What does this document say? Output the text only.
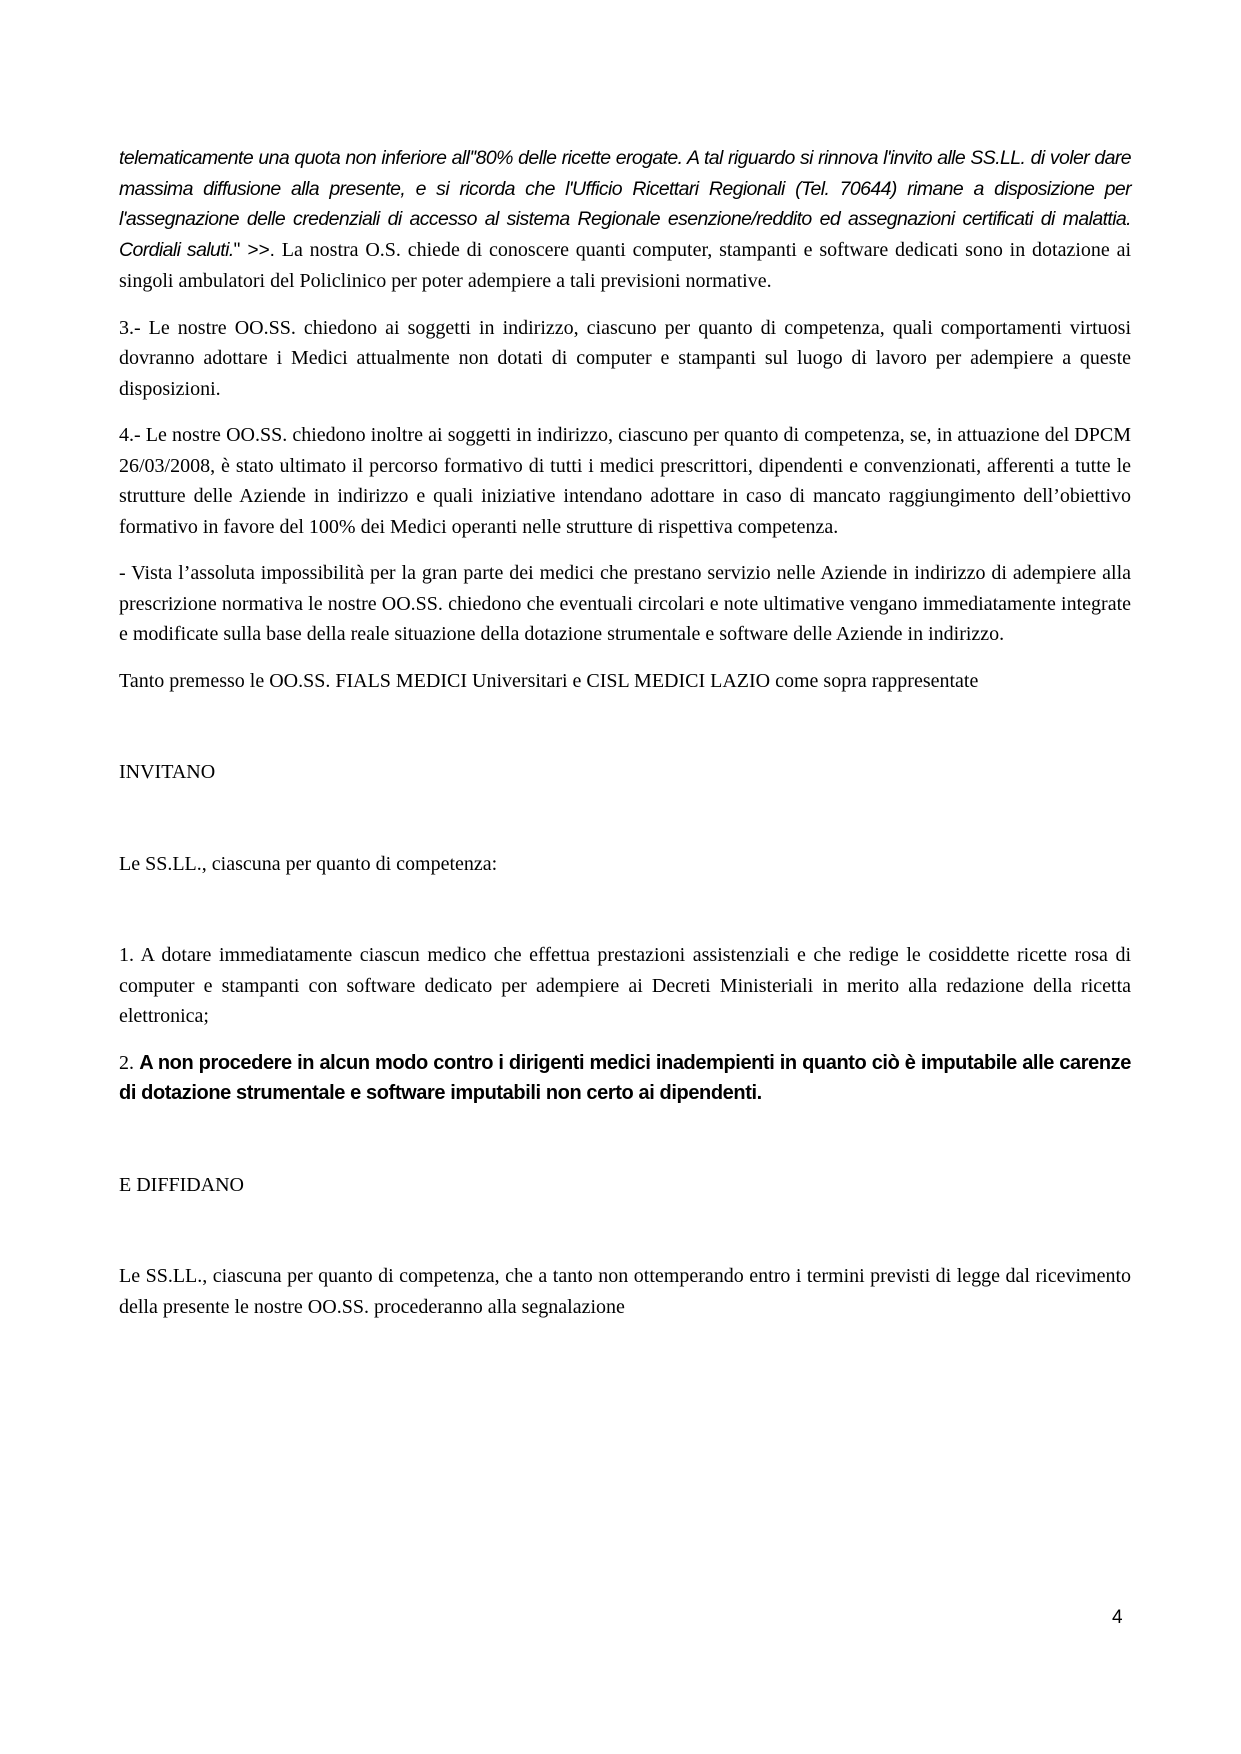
telematicamente una quota non inferiore all''80% delle ricette erogate. A tal riguardo si rinnova l'invito alle SS.LL. di voler dare massima diffusione alla presente, e si ricorda che l'Ufficio Ricettari Regionali (Tel. 70644) rimane a disposizione per l'assegnazione delle credenziali di accesso al sistema Regionale esenzione/reddito ed assegnazioni certificati di malattia. Cordiali saluti." >>. La nostra O.S. chiede di conoscere quanti computer, stampanti e software dedicati sono in dotazione ai singoli ambulatori del Policlinico per poter adempiere a tali previsioni normative.

3.- Le nostre OO.SS. chiedono ai soggetti in indirizzo, ciascuno per quanto di competenza, quali comportamenti virtuosi dovranno adottare i Medici attualmente non dotati di computer e stampanti sul luogo di lavoro per adempiere a queste disposizioni.

4.- Le nostre OO.SS. chiedono inoltre ai soggetti in indirizzo, ciascuno per quanto di competenza, se, in attuazione del DPCM 26/03/2008, è stato ultimato il percorso formativo di tutti i medici prescrittori, dipendenti e convenzionati, afferenti a tutte le strutture delle Aziende in indirizzo e quali iniziative intendano adottare in caso di mancato raggiungimento dell’obiettivo formativo in favore del 100% dei Medici operanti nelle strutture di rispettiva competenza.

- Vista l’assoluta impossibilità per la gran parte dei medici che prestano servizio nelle Aziende in indirizzo di adempiere alla prescrizione normativa le nostre OO.SS. chiedono che eventuali circolari e note ultimative vengano immediatamente integrate e modificate sulla base della reale situazione della dotazione strumentale e software delle Aziende in indirizzo.

Tanto premesso le OO.SS. FIALS MEDICI Universitari e CISL MEDICI LAZIO come sopra rappresentate

INVITANO

Le SS.LL., ciascuna per quanto di competenza:

1. A dotare immediatamente ciascun medico che effettua prestazioni assistenziali e che redige le cosiddette ricette rosa di computer e stampanti con software dedicato per adempiere ai Decreti Ministeriali in merito alla redazione della ricetta elettronica;

2. A non procedere in alcun modo contro i dirigenti medici inadempienti in quanto ciò è imputabile alle carenze di dotazione strumentale e software imputabili non certo ai dipendenti.

E DIFFIDANO

Le SS.LL., ciascuna per quanto di competenza, che a tanto non ottemperando entro i termini previsti di legge dal ricevimento della presente le nostre OO.SS. procederanno alla segnalazione

4
